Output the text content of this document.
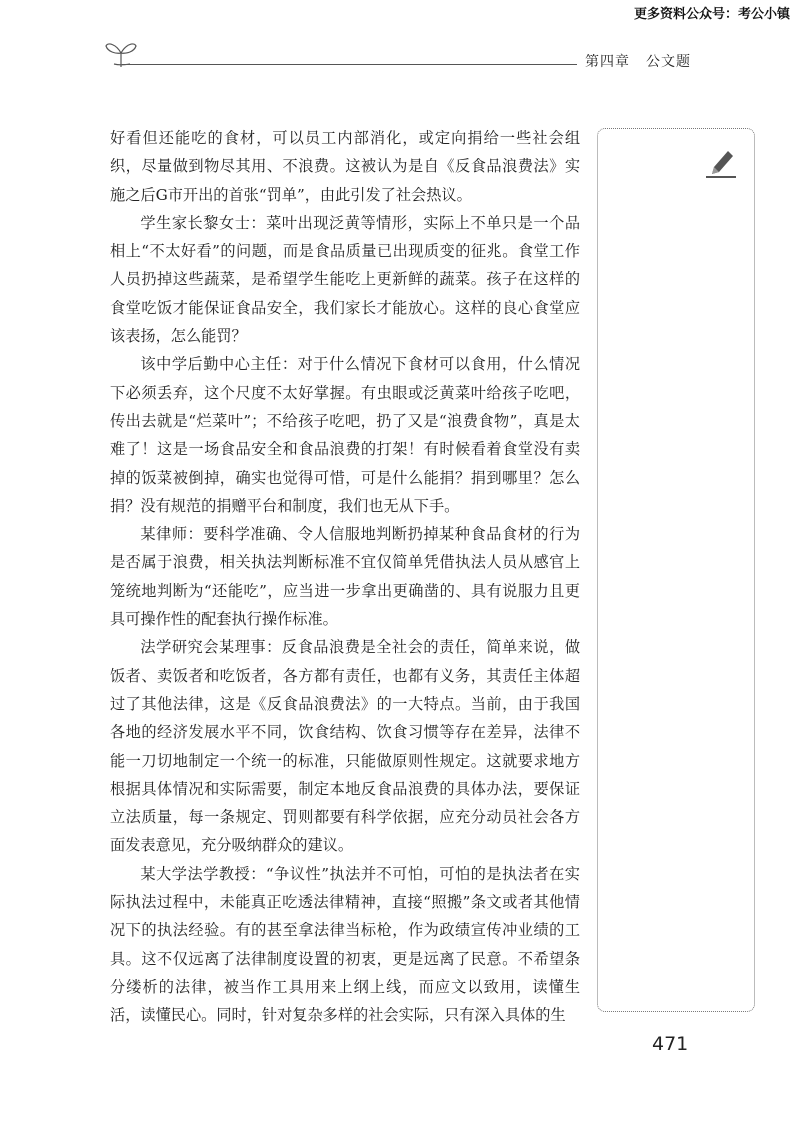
更多资料公众号：考公小镇
第四章 公文题

好看但还能吃的食材，可以员工内部消化，或定向捐给一些社会组织，尽量做到物尽其用、不浪费。这被认为是自《反食品浪费法》实施之后G市开出的首张“罚单”，由此引发了社会热议。

学生家长黎女士：菜叶出现泛黄等情形，实际上不单只是一个品相上“不太好看”的问题，而是食品质量已出现质变的征兆。食堂工作人员扔掉这些蔬菜，是希望学生能吃上更新鲜的蔬菜。孩子在这样的食堂吃饭才能保证食品安全，我们家长才能放心。这样的良心食堂应该表扬，怎么能罚？

该中学后勤中心主任：对于什么情况下食材可以食用，什么情况下必须丢弃，这个尺度不太好掌握。有虫眼或泛黄菜叶给孩子吃吧，传出去就是“烂菜叶”；不给孩子吃吧，扔了又是“浪费食物”，真是太难了！这是一场食品安全和食品浪费的打架！有时候看着食堂没有卖掉的饭菜被倒掉，确实也觉得可惜，可是什么能捐？捐到哪里？怎么捐？没有规范的捐赠平台和制度，我们也无从下手。

某律师：要科学准确、令人信服地判断扔掉某种食品食材的行为是否属于浪费，相关执法判断标准不宜仅简单凭借执法人员从感官上笼统地判断为“还能吃”，应当进一步拿出更确凿的、具有说服力且更具可操作性的配套执行操作标准。

法学研究会某理事：反食品浪费是全社会的责任，简单来说，做饭者、卖饭者和吃饭者，各方都有责任，也都有义务，其责任主体超过了其他法律，这是《反食品浪费法》的一大特点。当前，由于我国各地的经济发展水平不同，饮食结构、饮食习惯等存在差异，法律不能一刀切地制定一个统一的标准，只能做原则性规定。这就要求地方根据具体情况和实际需要，制定本地反食品浪费的具体办法，要保证立法质量，每一条规定、罚则都要有科学依据，应充分动员社会各方面发表意见，充分吸纳群众的建议。

某大学法学教授：“争议性”执法并不可怕，可怕的是执法者在实际执法过程中，未能真正吃透法律精神，直接“照搬”条文或者其他情况下的执法经验。有的甚至拿法律当标枪，作为政绩宣传冲业绩的工具。这不仅远离了法律制度设置的初衷，更是远离了民意。不希望条分缕析的法律，被当作工具用来上纲上线，而应文以致用，读懂生活，读懂民心。同时，针对复杂多样的社会实际，只有深入具体的生

471
